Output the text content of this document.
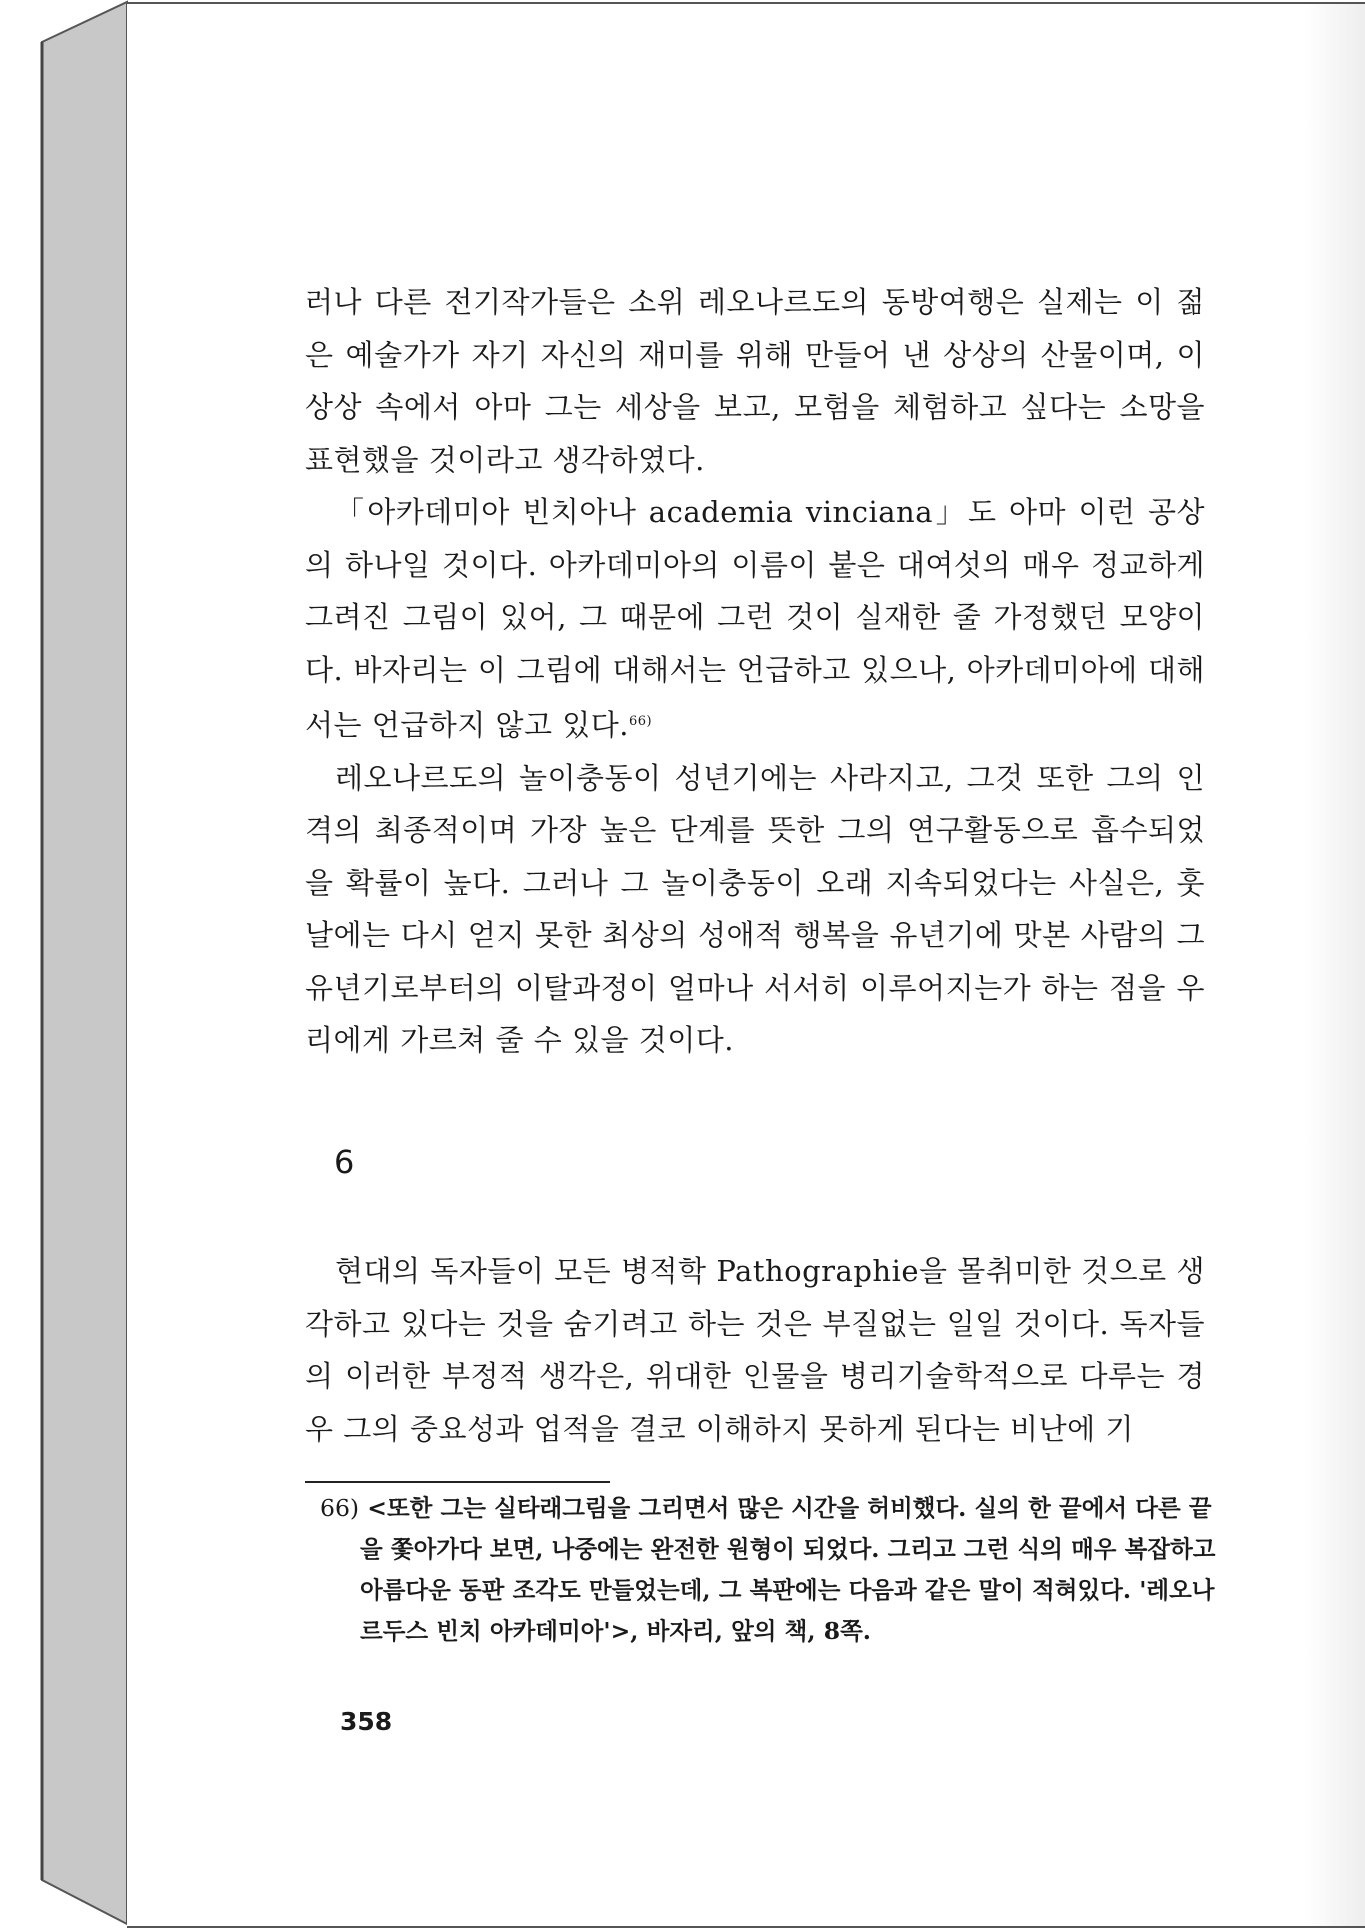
러나 다른 전기작가들은 소위 레오나르도의 동방여행은 실제는 이 젊은 예술가가 자기 자신의 재미를 위해 만들어 낸 상상의 산물이며, 이 상상 속에서 아마 그는 세상을 보고, 모험을 체험하고 싶다는 소망을 표현했을 것이라고 생각하였다.

「아카데미아 빈치아나 academia vinciana」도 아마 이런 공상의 하나일 것이다. 아카데미아의 이름이 붙은 대여섯의 매우 정교하게 그려진 그림이 있어, 그 때문에 그런 것이 실재한 줄 가정했던 모양이다. 바자리는 이 그림에 대해서는 언급하고 있으나, 아카데미아에 대해서는 언급하지 않고 있다.$^{66)}$

레오나르도의 놀이충동이 성년기에는 사라지고, 그것 또한 그의 인격의 최종적이며 가장 높은 단계를 뜻한 그의 연구활동으로 흡수되었을 확률이 높다. 그러나 그 놀이충동이 오래 지속되었다는 사실은, 훗날에는 다시 얻지 못한 최상의 성애적 행복을 유년기에 맛본 사람의 그 유년기로부터의 이탈과정이 얼마나 서서히 이루어지는가 하는 점을 우리에게 가르쳐 줄 수 있을 것이다.

6

현대의 독자들이 모든 병적학 Pathographie을 몰취미한 것으로 생각하고 있다는 것을 숨기려고 하는 것은 부질없는 일일 것이다. 독자들의 이러한 부정적 생각은, 위대한 인물을 병리기술학적으로 다루는 경우 그의 중요성과 업적을 결코 이해하지 못하게 된다는 비난에 기

66) <또한 그는 실타래그림을 그리면서 많은 시간을 허비했다. 실의 한 끝에서 다른 끝을 쫓아가다 보면, 나중에는 완전한 원형이 되었다. 그리고 그런 식의 매우 복잡하고 아름다운 동판 조각도 만들었는데, 그 복판에는 다음과 같은 말이 적혀있다. '레오나르두스 빈치 아카데미아'>, 바자리, 앞의 책, 8쪽.

358
